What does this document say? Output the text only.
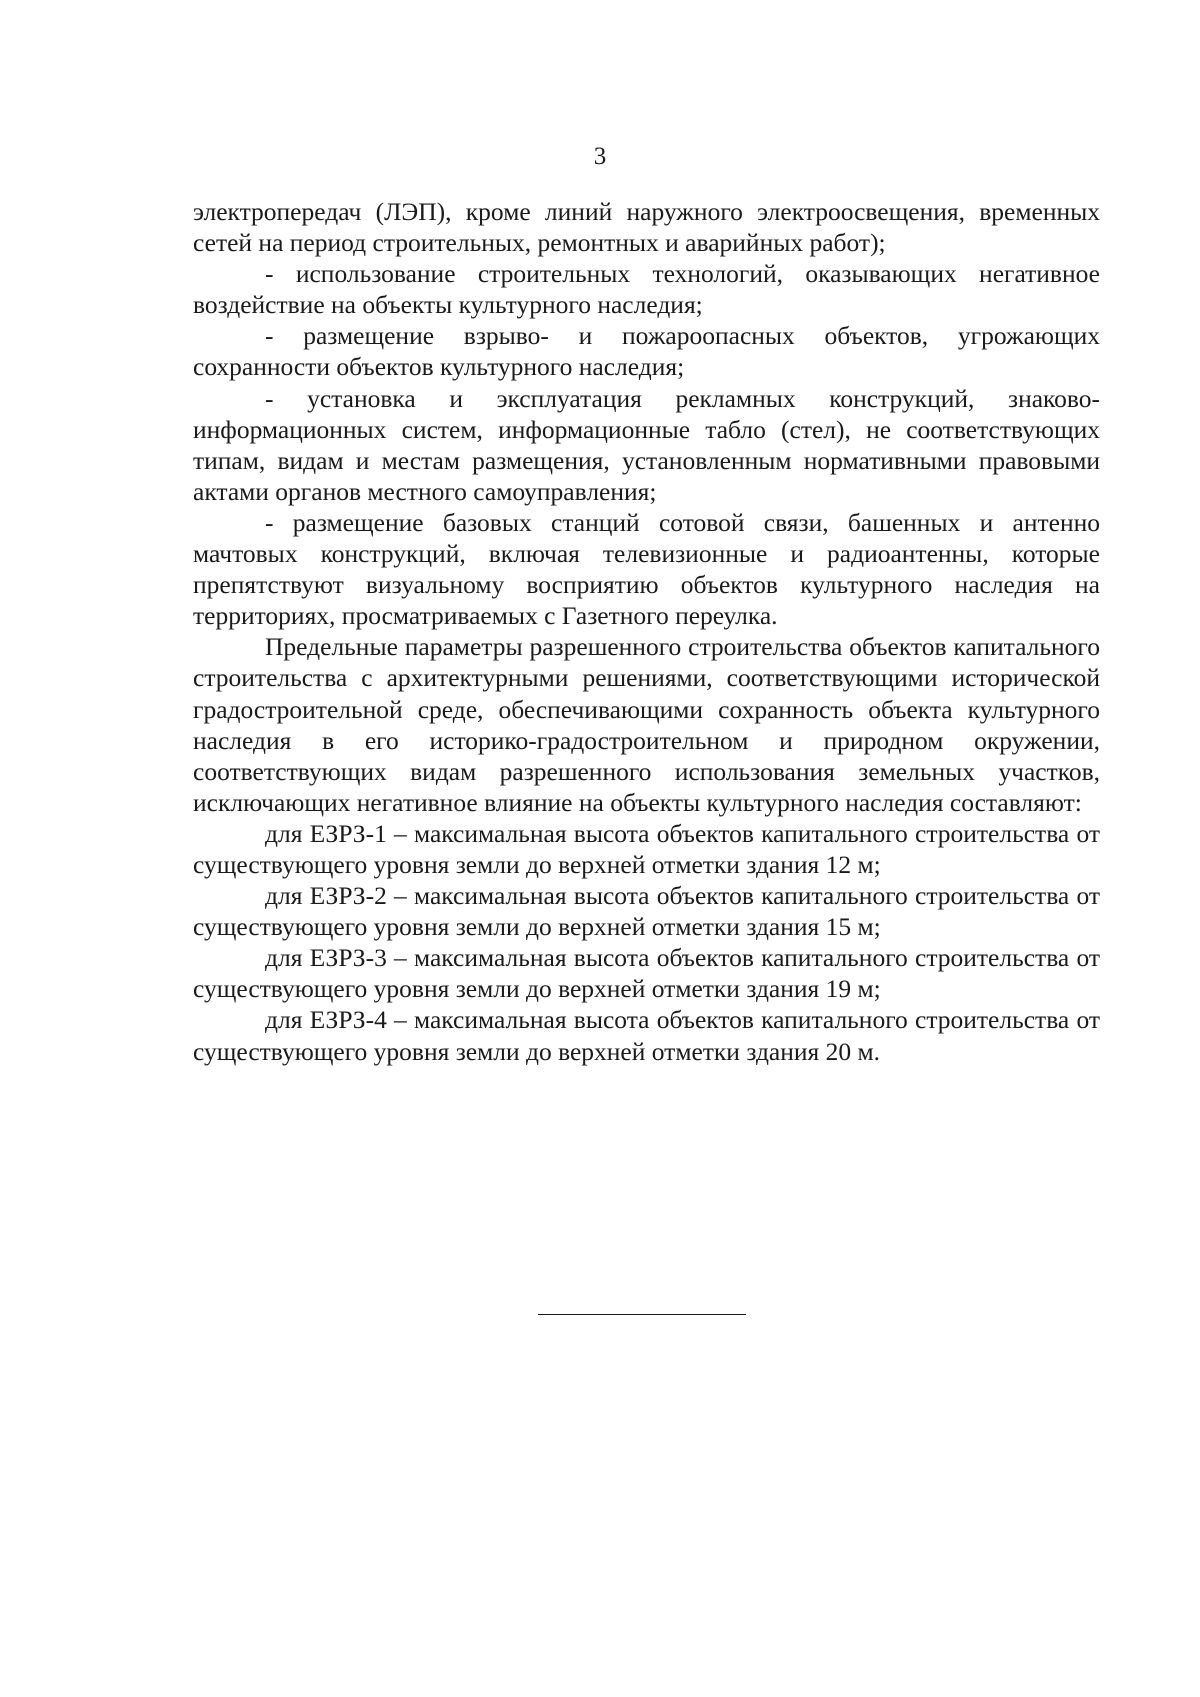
3

электропередач (ЛЭП), кроме линий наружного электроосвещения, временных сетей на период строительных, ремонтных и аварийных работ);

- использование строительных технологий, оказывающих негативное воздействие на объекты культурного наследия;

- размещение взрыво- и пожароопасных объектов, угрожающих сохранности объектов культурного наследия;

- установка и эксплуатация рекламных конструкций, знаково-информационных систем, информационные табло (стел), не соответствующих типам, видам и местам размещения, установленным нормативными правовыми актами органов местного самоуправления;

- размещение базовых станций сотовой связи, башенных и антенно мачтовых конструкций, включая телевизионные и радиоантенны, которые препятствуют визуальному восприятию объектов культурного наследия на территориях, просматриваемых с Газетного переулка.

Предельные параметры разрешенного строительства объектов капитального строительства с архитектурными решениями, соответствующими исторической градостроительной среде, обеспечивающими сохранность объекта культурного наследия в его историко-градостроительном и природном окружении, соответствующих видам разрешенного использования земельных участков, исключающих негативное влияние на объекты культурного наследия составляют:

для ЕЗРЗ-1 – максимальная высота объектов капитального строительства от существующего уровня земли до верхней отметки здания 12 м;

для ЕЗРЗ-2 – максимальная высота объектов капитального строительства от существующего уровня земли до верхней отметки здания 15 м;

для ЕЗРЗ-3 – максимальная высота объектов капитального строительства от существующего уровня земли до верхней отметки здания 19 м;

для ЕЗРЗ-4 – максимальная высота объектов капитального строительства от существующего уровня земли до верхней отметки здания 20 м.
